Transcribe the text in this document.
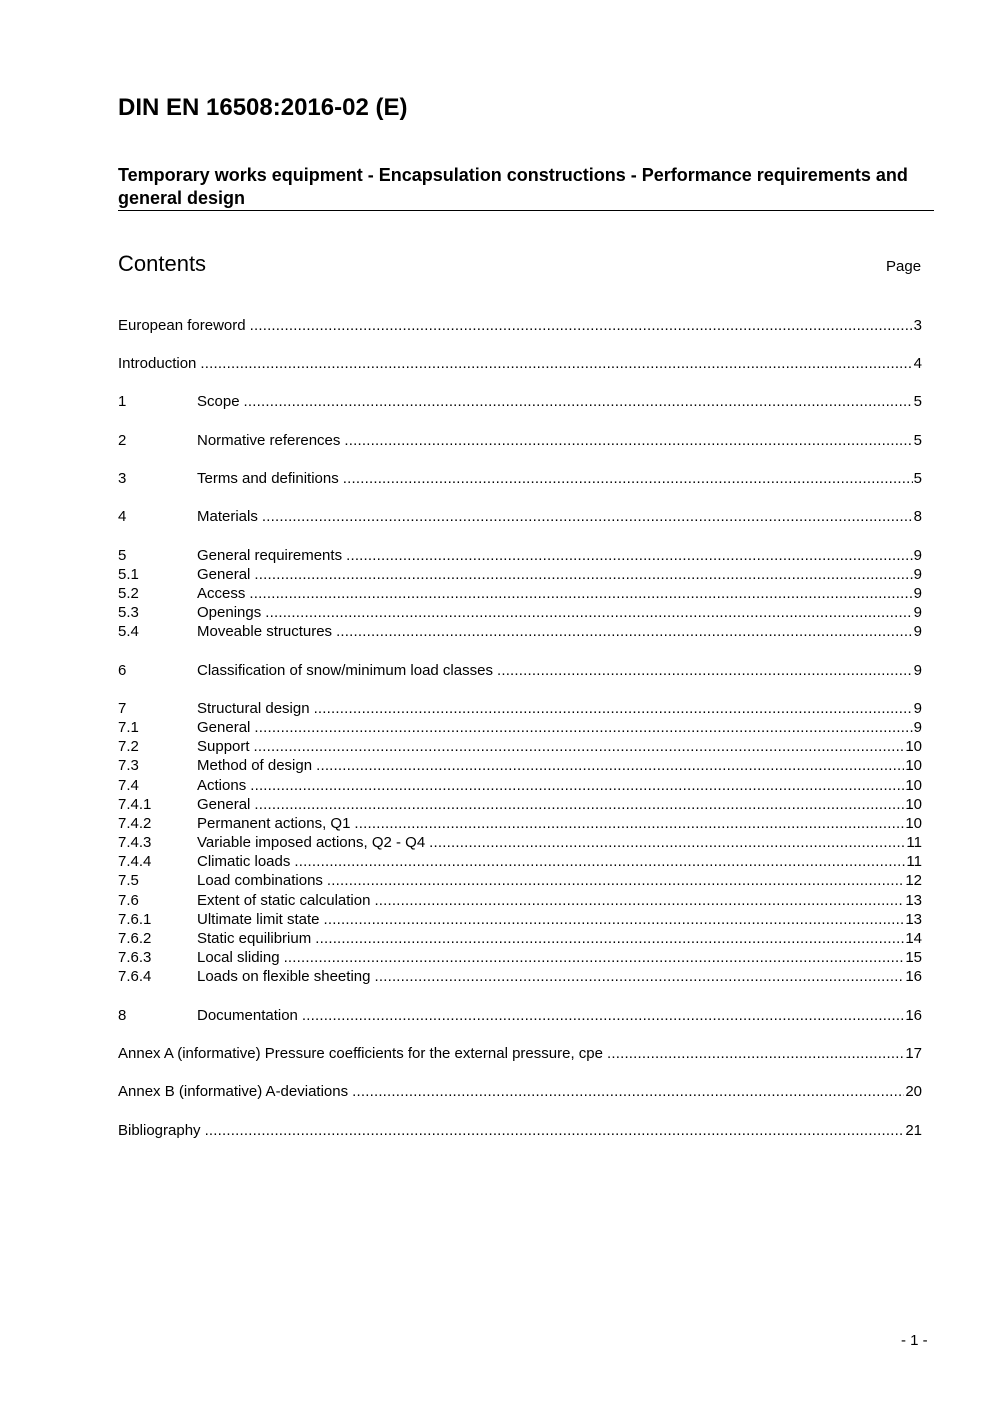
DIN EN 16508:2016-02 (E)
Temporary works equipment - Encapsulation constructions - Performance requirements and general design
Contents	Page
European foreword .....	3
Introduction .....	4
1	Scope .....	5
2	Normative references .....	5
3	Terms and definitions .....	5
4	Materials .....	8
5	General requirements .....	9
5.1	General .....	9
5.2	Access .....	9
5.3	Openings .....	9
5.4	Moveable structures .....	9
6	Classification of snow/minimum load classes .....	9
7	Structural design .....	9
7.1	General .....	9
7.2	Support .....	10
7.3	Method of design .....	10
7.4	Actions .....	10
7.4.1	General .....	10
7.4.2	Permanent actions, Q1 .....	10
7.4.3	Variable imposed actions, Q2 - Q4 .....	11
7.4.4	Climatic loads .....	11
7.5	Load combinations .....	12
7.6	Extent of static calculation .....	13
7.6.1	Ultimate limit state .....	13
7.6.2	Static equilibrium .....	14
7.6.3	Local sliding .....	15
7.6.4	Loads on flexible sheeting .....	16
8	Documentation .....	16
Annex A (informative) Pressure coefficients for the external pressure, cpe .....	17
Annex B (informative) A-deviations .....	20
Bibliography .....	21
- 1 -
